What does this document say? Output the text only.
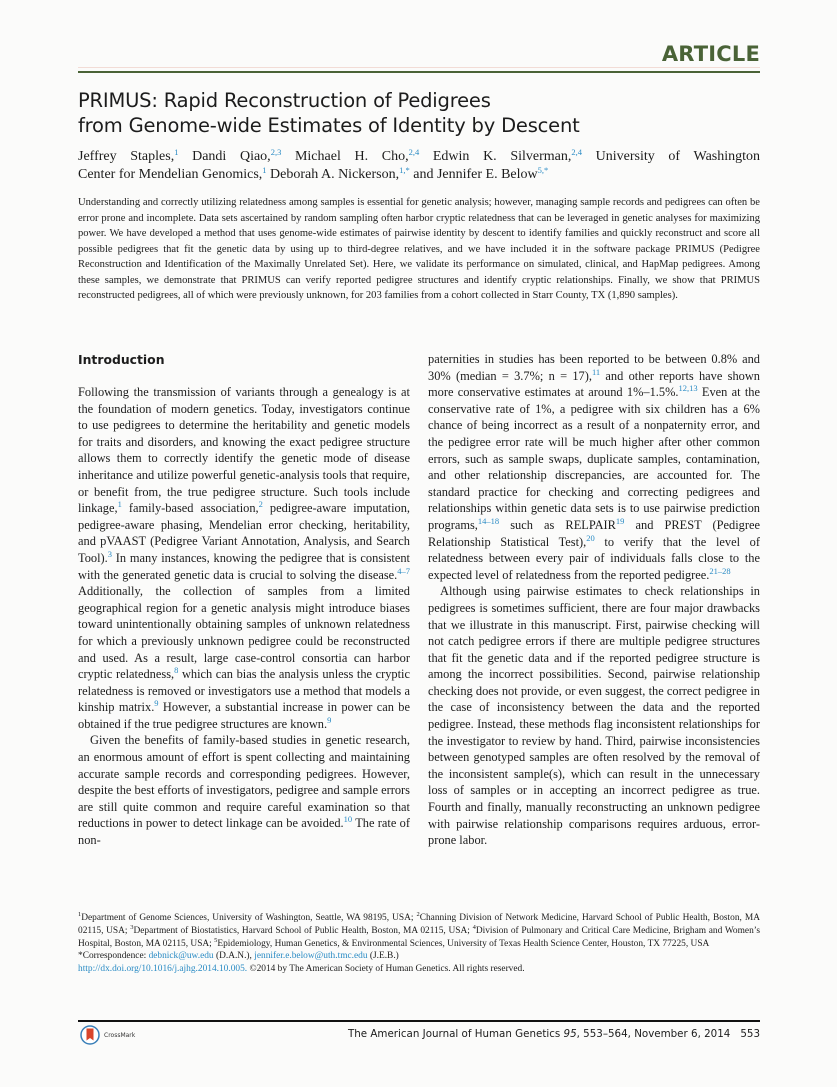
ARTICLE
PRIMUS: Rapid Reconstruction of Pedigrees
from Genome-wide Estimates of Identity by Descent
Jeffrey Staples,$^1$ Dandi Qiao,$^{2,3}$ Michael H. Cho,$^{2,4}$ Edwin K. Silverman,$^{2,4}$ University of Washington
Center for Mendelian Genomics,$^1$ Deborah A. Nickerson,$^{1,*}$ and Jennifer E. Below$^{5,*}$
Understanding and correctly utilizing relatedness among samples is essential for genetic analysis; however, managing sample records and pedigrees can often be error prone and incomplete. Data sets ascertained by random sampling often harbor cryptic relatedness that can be leveraged in genetic analyses for maximizing power. We have developed a method that uses genome-wide estimates of pairwise identity by descent to identify families and quickly reconstruct and score all possible pedigrees that fit the genetic data by using up to third-degree relatives, and we have included it in the software package PRIMUS (Pedigree Reconstruction and Identification of the Maximally Unrelated Set). Here, we validate its performance on simulated, clinical, and HapMap pedigrees. Among these samples, we demonstrate that PRIMUS can verify reported pedigree structures and identify cryptic relationships. Finally, we show that PRIMUS reconstructed pedigrees, all of which were previously unknown, for 203 families from a cohort collected in Starr County, TX (1,890 samples).
Introduction

Following the transmission of variants through a genealogy is at the foundation of modern genetics. Today, investigators continue to use pedigrees to determine the heritability and genetic models for traits and disorders, and knowing the exact pedigree structure allows them to correctly identify the genetic mode of disease inheritance and utilize powerful genetic-analysis tools that require, or benefit from, the true pedigree structure. Such tools include linkage,$^1$ family-based association,$^2$ pedigree-aware imputation, pedigree-aware phasing, Mendelian error checking, heritability, and pVAAST (Pedigree Variant Annotation, Analysis, and Search Tool).$^3$ In many instances, knowing the pedigree that is consistent with the generated genetic data is crucial to solving the disease.$^{4-7}$ Additionally, the collection of samples from a limited geographical region for a genetic analysis might introduce biases toward unintentionally obtaining samples of unknown relatedness for which a previously unknown pedigree could be reconstructed and used. As a result, large case-control consortia can harbor cryptic relatedness,$^8$ which can bias the analysis unless the cryptic relatedness is removed or investigators use a method that models a kinship matrix.$^9$ However, a substantial increase in power can be obtained if the true pedigree structures are known.$^9$

Given the benefits of family-based studies in genetic research, an enormous amount of effort is spent collecting and maintaining accurate sample records and corresponding pedigrees. However, despite the best efforts of investigators, pedigree and sample errors are still quite common and require careful examination so that reductions in power to detect linkage can be avoided.$^{10}$ The rate of non-

paternities in studies has been reported to be between 0.8% and 30% (median = 3.7%; n = 17),$^{11}$ and other reports have shown more conservative estimates at around 1%–1.5%.$^{12,13}$ Even at the conservative rate of 1%, a pedigree with six children has a 6% chance of being incorrect as a result of a nonpaternity error, and the pedigree error rate will be much higher after other common errors, such as sample swaps, duplicate samples, contamination, and other relationship discrepancies, are accounted for. The standard practice for checking and correcting pedigrees and relationships within genetic data sets is to use pairwise prediction programs,$^{14-18}$ such as RELPAIR$^{19}$ and PREST (Pedigree Relationship Statistical Test),$^{20}$ to verify that the level of relatedness between every pair of individuals falls close to the expected level of relatedness from the reported pedigree.$^{21-28}$

Although using pairwise estimates to check relationships in pedigrees is sometimes sufficient, there are four major drawbacks that we illustrate in this manuscript. First, pairwise checking will not catch pedigree errors if there are multiple pedigree structures that fit the genetic data and if the reported pedigree structure is among the incorrect possibilities. Second, pairwise relationship checking does not provide, or even suggest, the correct pedigree in the case of inconsistency between the data and the reported pedigree. Instead, these methods flag inconsistent relationships for the investigator to review by hand. Third, pairwise inconsistencies between genotyped samples are often resolved by the removal of the inconsistent sample(s), which can result in the unnecessary loss of samples or in accepting an incorrect pedigree as true. Fourth and finally, manually reconstructing an unknown pedigree with pairwise relationship comparisons requires arduous, error-prone labor.

$^1$Department of Genome Sciences, University of Washington, Seattle, WA 98195, USA; $^2$Channing Division of Network Medicine, Harvard School of Public Health, Boston, MA 02115, USA; $^3$Department of Biostatistics, Harvard School of Public Health, Boston, MA 02115, USA; $^4$Division of Pulmonary and Critical Care Medicine, Brigham and Women’s Hospital, Boston, MA 02115, USA; $^5$Epidemiology, Human Genetics, & Environmental Sciences, University of Texas Health Science Center, Houston, TX 77225, USA
*Correspondence: debnick@uw.edu (D.A.N.), jennifer.e.below@uth.tmc.edu (J.E.B.)
http://dx.doi.org/10.1016/j.ajhg.2014.10.005. ©2014 by The American Society of Human Genetics. All rights reserved.
CrossMark	The American Journal of Human Genetics 95, 553–564, November 6, 2014 553
